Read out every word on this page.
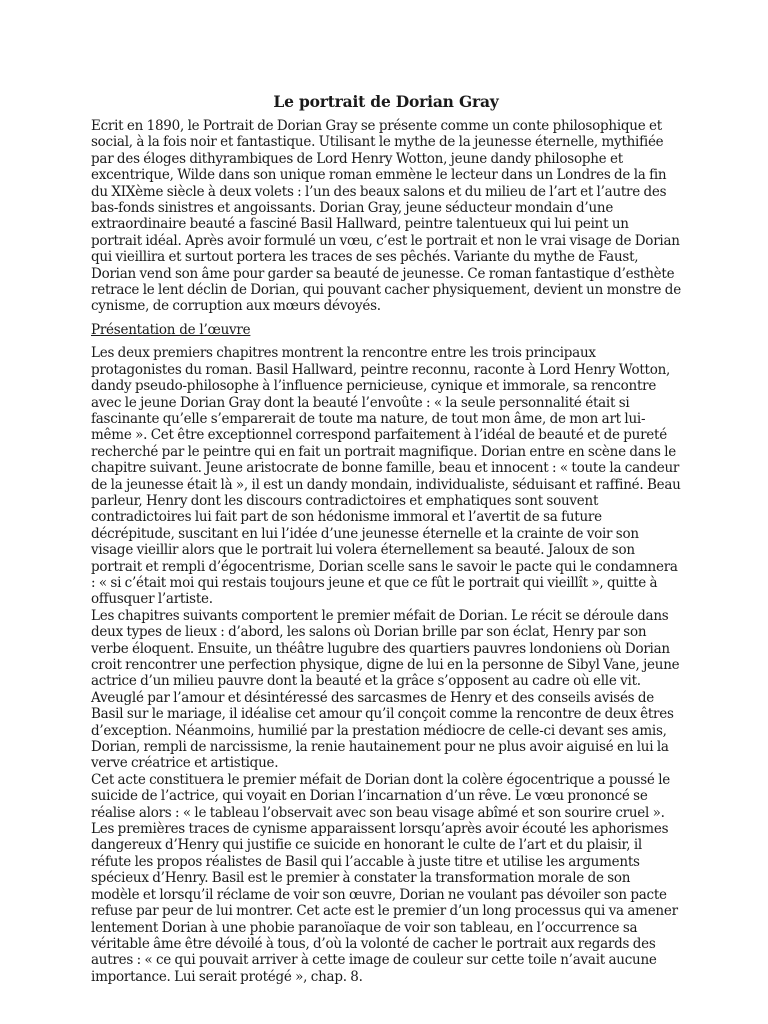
Le portrait de Dorian Gray

Ecrit en 1890, le Portrait de Dorian Gray se présente comme un conte philosophique et social, à la fois noir et fantastique. Utilisant le mythe de la jeunesse éternelle, mythifiée par des éloges dithyrambiques de Lord Henry Wotton, jeune dandy philosophe et excentrique, Wilde dans son unique roman emmène le lecteur dans un Londres de la fin du XIXème siècle à deux volets : l’un des beaux salons et du milieu de l’art et l’autre des bas-fonds sinistres et angoissants. Dorian Gray, jeune séducteur mondain d’une extraordinaire beauté a fasciné Basil Hallward, peintre talentueux qui lui peint un portrait idéal. Après avoir formulé un vœu, c’est le portrait et non le vrai visage de Dorian qui vieillira et surtout portera les traces de ses pêchés. Variante du mythe de Faust, Dorian vend son âme pour garder sa beauté de jeunesse. Ce roman fantastique d’esthète retrace le lent déclin de Dorian, qui pouvant cacher physiquement, devient un monstre de cynisme, de corruption aux mœurs dévoyés.

Présentation de l’œuvre

Les deux premiers chapitres montrent la rencontre entre les trois principaux protagonistes du roman. Basil Hallward, peintre reconnu, raconte à Lord Henry Wotton, dandy pseudo-philosophe à l’influence pernicieuse, cynique et immorale, sa rencontre avec le jeune Dorian Gray dont la beauté l’envoûte : « la seule personnalité était si fascinante qu’elle s’emparerait de toute ma nature, de tout mon âme, de mon art lui-même ». Cet être exceptionnel correspond parfaitement à l’idéal de beauté et de pureté recherché par le peintre qui en fait un portrait magnifique. Dorian entre en scène dans le chapitre suivant. Jeune aristocrate de bonne famille, beau et innocent : « toute la candeur de la jeunesse était là », il est un dandy mondain, individualiste, séduisant et raffiné. Beau parleur, Henry dont les discours contradictoires et emphatiques sont souvent contradictoires lui fait part de son hédonisme immoral et l’avertit de sa future décrépitude, suscitant en lui l’idée d’une jeunesse éternelle et la crainte de voir son visage vieillir alors que le portrait lui volera éternellement sa beauté. Jaloux de son portrait et rempli d’égocentrisme, Dorian scelle sans le savoir le pacte qui le condamnera : « si c’était moi qui restais toujours jeune et que ce fût le portrait qui vieillît », quitte à offusquer l’artiste.

Les chapitres suivants comportent le premier méfait de Dorian. Le récit se déroule dans deux types de lieux : d’abord, les salons où Dorian brille par son éclat, Henry par son verbe éloquent. Ensuite, un théâtre lugubre des quartiers pauvres londoniens où Dorian croit rencontrer une perfection physique, digne de lui en la personne de Sibyl Vane, jeune actrice d’un milieu pauvre dont la beauté et la grâce s’opposent au cadre où elle vit. Aveuglé par l’amour et désintéressé des sarcasmes de Henry et des conseils avisés de Basil sur le mariage, il idéalise cet amour qu’il conçoit comme la rencontre de deux êtres d’exception. Néanmoins, humilié par la prestation médiocre de celle-ci devant ses amis, Dorian, rempli de narcissisme, la renie hautainement pour ne plus avoir aiguisé en lui la verve créatrice et artistique.

Cet acte constituera le premier méfait de Dorian dont la colère égocentrique a poussé le suicide de l’actrice, qui voyait en Dorian l’incarnation d’un rêve. Le vœu prononcé se réalise alors : « le tableau l’observait avec son beau visage abîmé et son sourire cruel ». Les premières traces de cynisme apparaissent lorsqu’après avoir écouté les aphorismes dangereux d’Henry qui justifie ce suicide en honorant le culte de l’art et du plaisir, il réfute les propos réalistes de Basil qui l’accable à juste titre et utilise les arguments spécieux d’Henry. Basil est le premier à constater la transformation morale de son modèle et lorsqu’il réclame de voir son œuvre, Dorian ne voulant pas dévoiler son pacte refuse par peur de lui montrer. Cet acte est le premier d’un long processus qui va amener lentement Dorian à une phobie paranoïaque de voir son tableau, en l’occurrence sa véritable âme être dévoilé à tous, d’où la volonté de cacher le portrait aux regards des autres : « ce qui pouvait arriver à cette image de couleur sur cette toile n’avait aucune importance. Lui serait protégé », chap. 8.
